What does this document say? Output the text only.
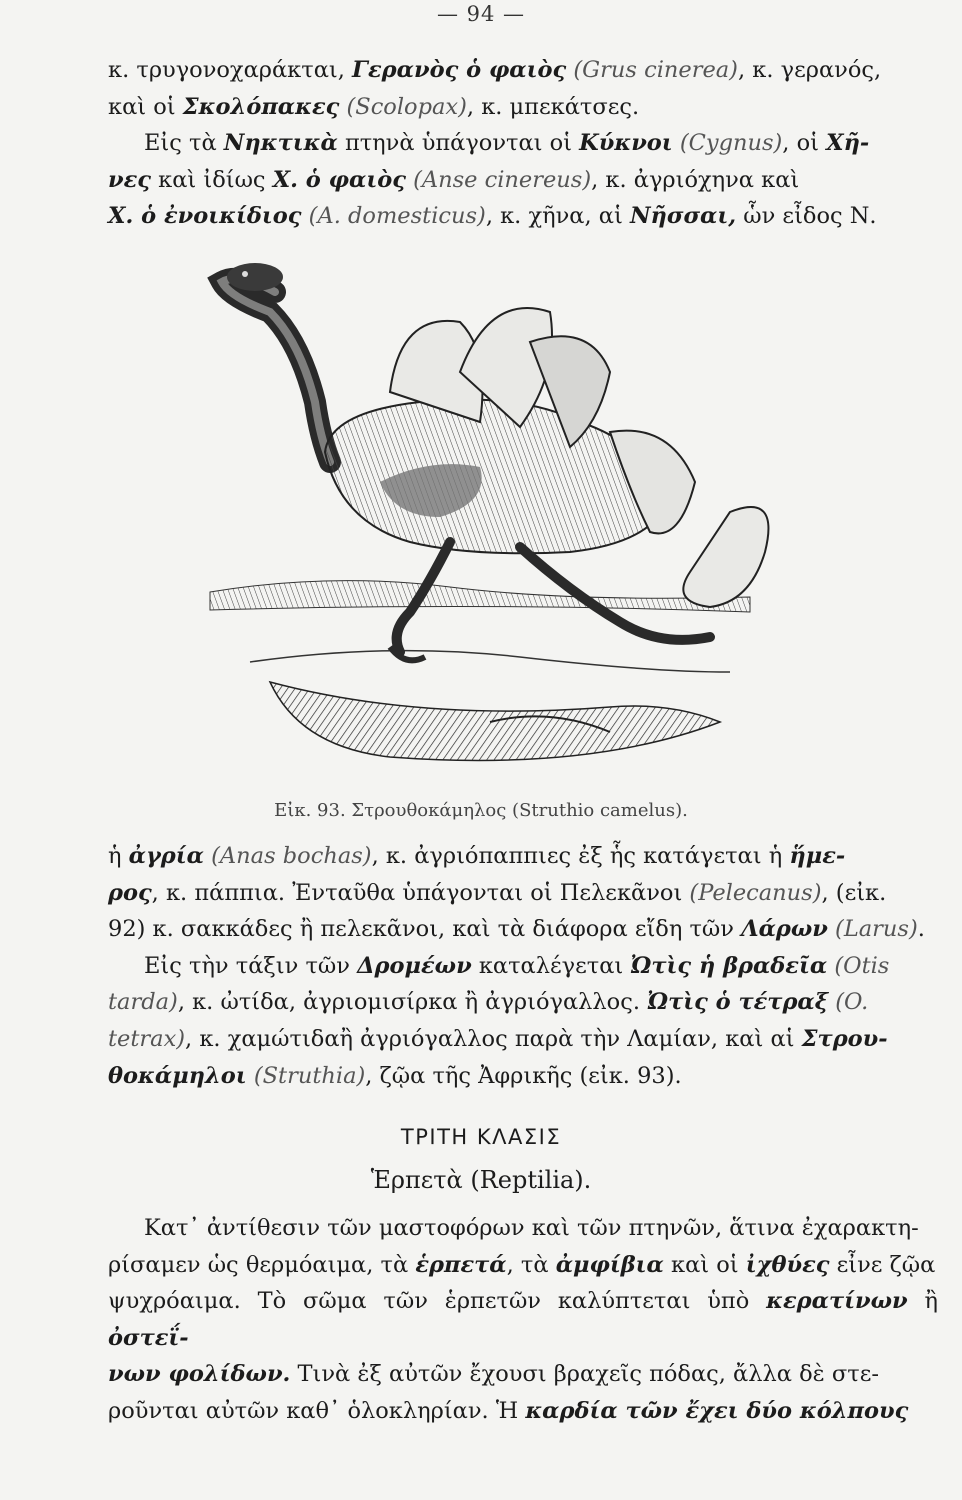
— 94 —

κ. τρυγονοχαράκται, Γερανὸς ὁ φαιὸς (Grus cinerea), κ. γερανός,

καὶ οἱ Σκολόπακες (Scolopax), κ. μπεκάτσες.

Εἰς τὰ Νηκτικὰ πτηνὰ ὑπάγονται οἱ Κύκνοι (Cygnus), οἱ Χῆ-

νες καὶ ἰδίως Χ. ὁ φαιὸς (Anse cinereus), κ. ἀγριόχηνα καὶ

Χ. ὁ ἐνοικίδιος (A. domesticus), κ. χῆνα, αἱ Νῆσσαι, ὧν εἶδος Ν.

Εἰκ. 93. Στρουθοκάμηλος (Struthio camelus).

ἡ ἀγρία (Anas bochas), κ. ἀγριόπαππιες ἐξ ἧς κατάγεται ἡ ἥμε-

ρος, κ. πάππια. Ἐνταῦθα ὑπάγονται οἱ Πελεκᾶνοι (Pelecanus), (εἰκ.

92) κ. σακκάδες ἢ πελεκᾶνοι, καὶ τὰ διάφορα εἴδη τῶν Λάρων (Larus).

Εἰς τὴν τάξιν τῶν Δρομέων καταλέγεται Ὠτὶς ἡ βραδεῖα (Otis

tarda), κ. ὠτίδα, ἀγριομισίρκα ἢ ἀγριόγαλλος. Ὠτὶς ὁ τέτραξ (O.

tetrax), κ. χαμώτιδαἢ ἀγριόγαλλος παρὰ τὴν Λαμίαν, καὶ αἱ Στρου-

θοκάμηλοι (Struthia), ζῷα τῆς Ἀφρικῆς (εἰκ. 93).

ΤΡΙΤΗ ΚΛΑΣΙΣ
Ἑρπετὰ (Reptilia).

Κατ᾽ ἀντίθεσιν τῶν μαστοφόρων καὶ τῶν πτηνῶν, ἅτινα ἐχαρακτη-

ρίσαμεν ὡς θερμόαιμα, τὰ ἑρπετά, τὰ ἀμφίβια καὶ οἱ ἰχθύες εἶνε ζῷα

ψυχρόαιμα. Τὸ σῶμα τῶν ἑρπετῶν καλύπτεται ὑπὸ κερατίνων ἢ ὀστεΐ-

νων φολίδων. Τινὰ ἐξ αὐτῶν ἔχουσι βραχεῖς πόδας, ἄλλα δὲ στε-

ροῦνται αὐτῶν καθ᾽ ὁλοκληρίαν. Ἡ καρδία τῶν ἔχει δύο κόλπους
